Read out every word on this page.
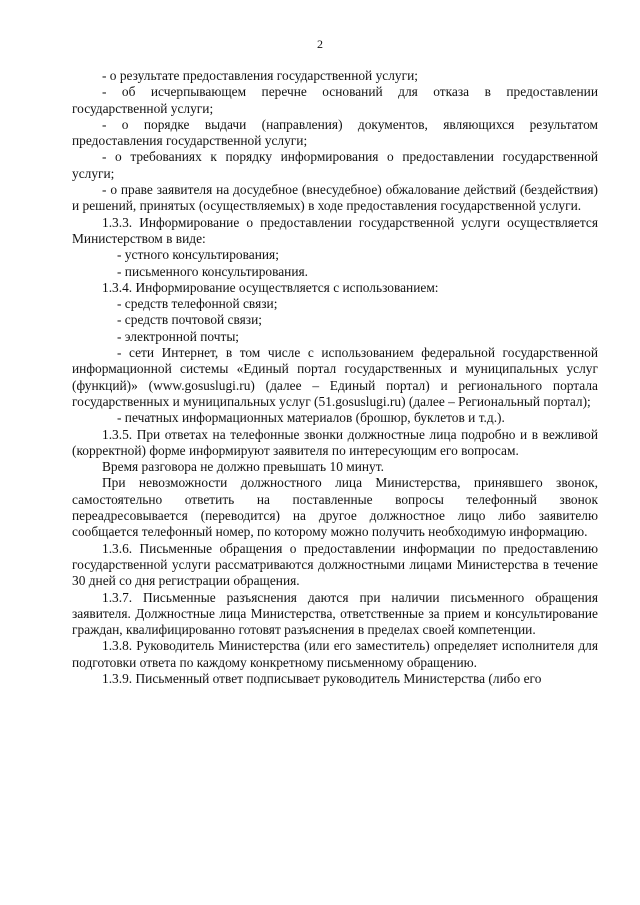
2

- о результате предоставления государственной услуги;

- об исчерпывающем перечне оснований для отказа в предоставлении государственной услуги;

- о порядке выдачи (направления) документов, являющихся результатом предоставления государственной услуги;

- о требованиях к порядку информирования о предоставлении государственной услуги;

- о праве заявителя на досудебное (внесудебное) обжалование действий (бездействия) и решений, принятых (осуществляемых) в ходе предоставления государственной услуги.

1.3.3. Информирование о предоставлении государственной услуги осуществляется Министерством в виде:

- устного консультирования;

- письменного консультирования.

1.3.4. Информирование осуществляется с использованием:

- средств телефонной связи;

- средств почтовой связи;

- электронной почты;

- сети Интернет, в том числе с использованием федеральной государственной информационной системы «Единый портал государственных и муниципальных услуг (функций)» (www.gosuslugi.ru) (далее – Единый портал) и регионального портала государственных и муниципальных услуг (51.gosuslugi.ru) (далее – Региональный портал);

- печатных информационных материалов (брошюр, буклетов и т.д.).

1.3.5. При ответах на телефонные звонки должностные лица подробно и в вежливой (корректной) форме информируют заявителя по интересующим его вопросам.

Время разговора не должно превышать 10 минут.

При невозможности должностного лица Министерства, принявшего звонок, самостоятельно ответить на поставленные вопросы телефонный звонок переадресовывается (переводится) на другое должностное лицо либо заявителю сообщается телефонный номер, по которому можно получить необходимую информацию.

1.3.6. Письменные обращения о предоставлении информации по предоставлению государственной услуги рассматриваются должностными лицами Министерства в течение 30 дней со дня регистрации обращения.

1.3.7. Письменные разъяснения даются при наличии письменного обращения заявителя. Должностные лица Министерства, ответственные за прием и консультирование граждан, квалифицированно готовят разъяснения в пределах своей компетенции.

1.3.8. Руководитель Министерства (или его заместитель) определяет исполнителя для подготовки ответа по каждому конкретному письменному обращению.

1.3.9. Письменный ответ подписывает руководитель Министерства (либо его
